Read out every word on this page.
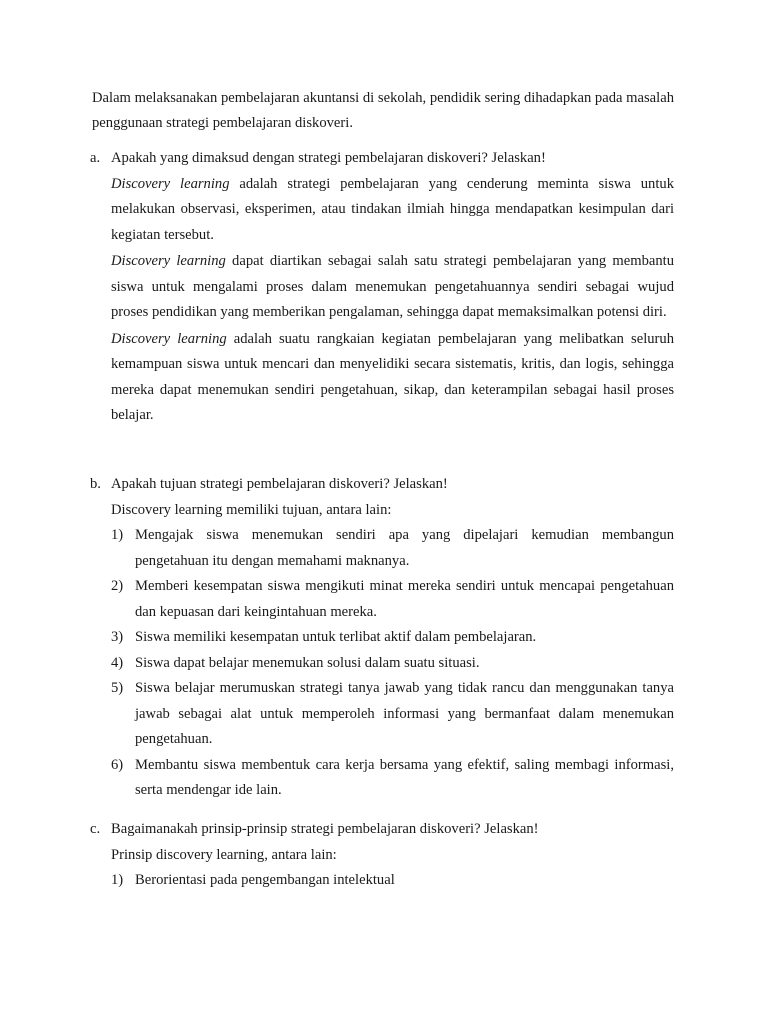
Dalam melaksanakan pembelajaran akuntansi di sekolah, pendidik sering dihadapkan pada masalah penggunaan strategi pembelajaran diskoveri.
a. Apakah yang dimaksud dengan strategi pembelajaran diskoveri? Jelaskan!
Discovery learning adalah strategi pembelajaran yang cenderung meminta siswa untuk melakukan observasi, eksperimen, atau tindakan ilmiah hingga mendapatkan kesimpulan dari kegiatan tersebut.
Discovery learning dapat diartikan sebagai salah satu strategi pembelajaran yang membantu siswa untuk mengalami proses dalam menemukan pengetahuannya sendiri sebagai wujud proses pendidikan yang memberikan pengalaman, sehingga dapat memaksimalkan potensi diri.
Discovery learning adalah suatu rangkaian kegiatan pembelajaran yang melibatkan seluruh kemampuan siswa untuk mencari dan menyelidiki secara sistematis, kritis, dan logis, sehingga mereka dapat menemukan sendiri pengetahuan, sikap, dan keterampilan sebagai hasil proses belajar.
b. Apakah tujuan strategi pembelajaran diskoveri? Jelaskan!
Discovery learning memiliki tujuan, antara lain:
1) Mengajak siswa menemukan sendiri apa yang dipelajari kemudian membangun pengetahuan itu dengan memahami maknanya.
2) Memberi kesempatan siswa mengikuti minat mereka sendiri untuk mencapai pengetahuan dan kepuasan dari keingintahuan mereka.
3) Siswa memiliki kesempatan untuk terlibat aktif dalam pembelajaran.
4) Siswa dapat belajar menemukan solusi dalam suatu situasi.
5) Siswa belajar merumuskan strategi tanya jawab yang tidak rancu dan menggunakan tanya jawab sebagai alat untuk memperoleh informasi yang bermanfaat dalam menemukan pengetahuan.
6) Membantu siswa membentuk cara kerja bersama yang efektif, saling membagi informasi, serta mendengar ide lain.
c. Bagaimanakah prinsip-prinsip strategi pembelajaran diskoveri? Jelaskan!
Prinsip discovery learning, antara lain:
1) Berorientasi pada pengembangan intelektual
